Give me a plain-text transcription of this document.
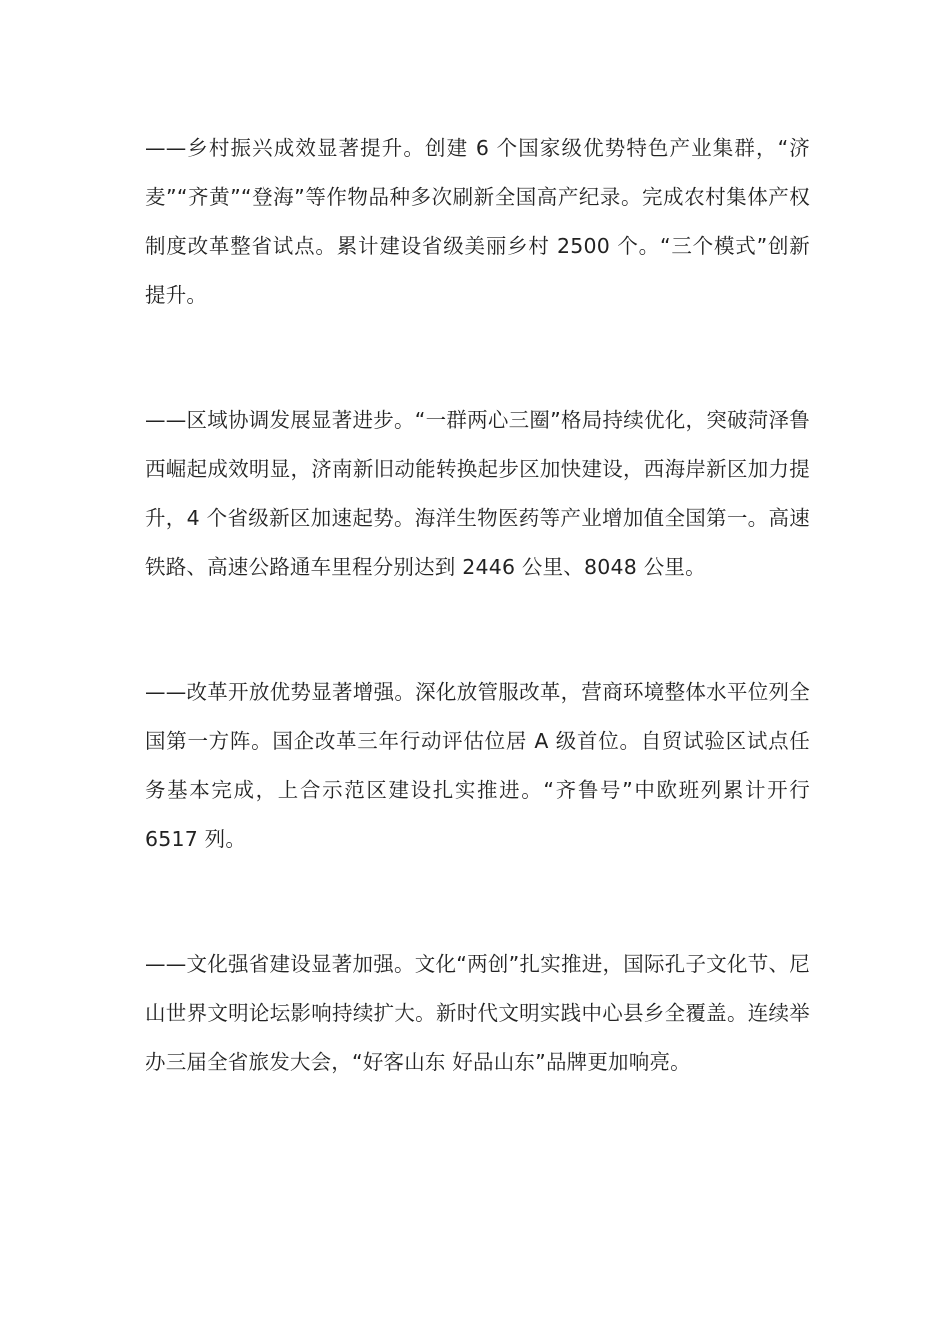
——乡村振兴成效显著提升。创建 6 个国家级优势特色产业集群，“济麦”“齐黄”“登海”等作物品种多次刷新全国高产纪录。完成农村集体产权制度改革整省试点。累计建设省级美丽乡村 2500 个。“三个模式”创新提升。

——区域协调发展显著进步。“一群两心三圈”格局持续优化，突破菏泽鲁西崛起成效明显，济南新旧动能转换起步区加快建设，西海岸新区加力提升，4 个省级新区加速起势。海洋生物医药等产业增加值全国第一。高速铁路、高速公路通车里程分别达到 2446 公里、8048 公里。

——改革开放优势显著增强。深化放管服改革，营商环境整体水平位列全国第一方阵。国企改革三年行动评估位居 A 级首位。自贸试验区试点任务基本完成，上合示范区建设扎实推进。“齐鲁号”中欧班列累计开行 6517 列。

——文化强省建设显著加强。文化“两创”扎实推进，国际孔子文化节、尼山世界文明论坛影响持续扩大。新时代文明实践中心县乡全覆盖。连续举办三届全省旅发大会，“好客山东 好品山东”品牌更加响亮。
